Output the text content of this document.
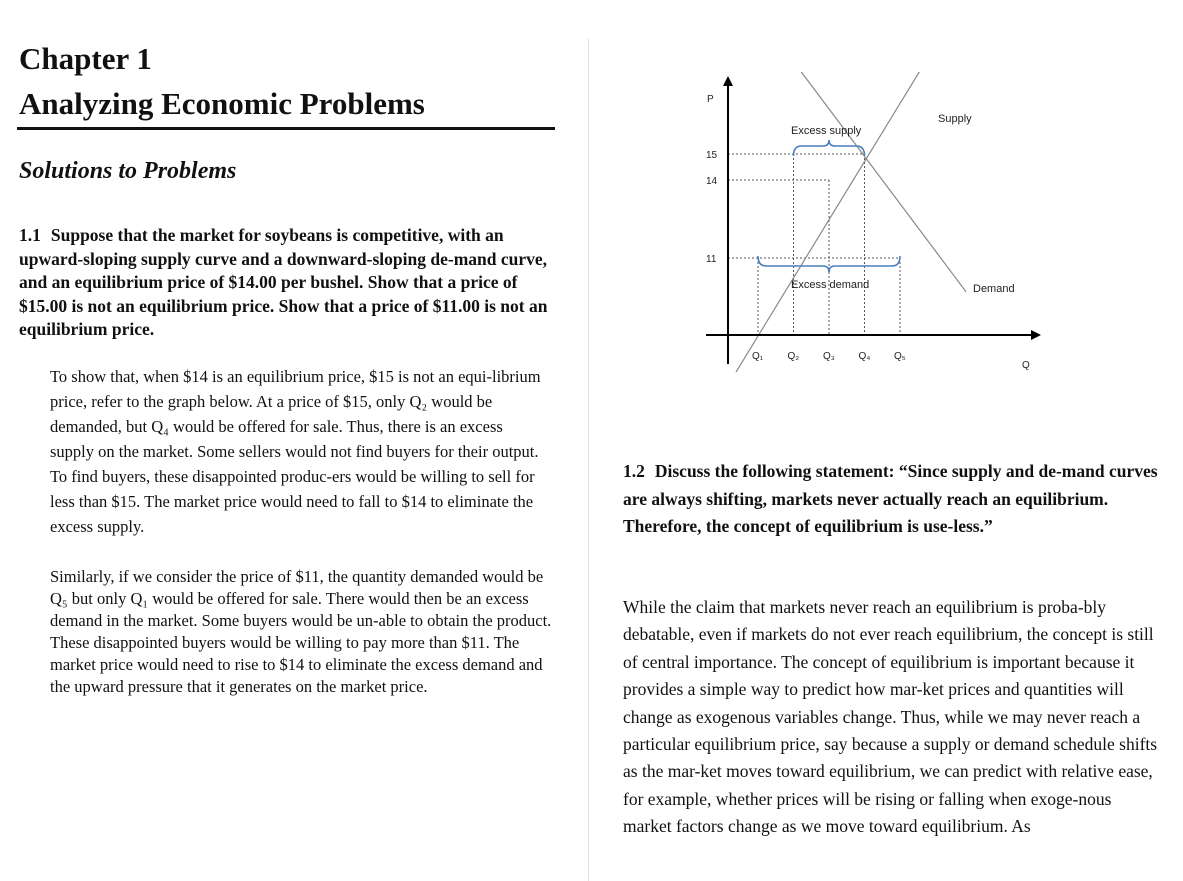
Chapter 1
Analyzing Economic Problems
Solutions to Problems
1.1 Suppose that the market for soybeans is competitive, with an upward-sloping supply curve and a downward-sloping de-mand curve, and an equilibrium price of $14.00 per bushel. Show that a price of $15.00 is not an equilibrium price. Show that a price of $11.00 is not an equilibrium price.
To show that, when $14 is an equilibrium price, $15 is not an equi-librium price, refer to the graph below. At a price of $15, only Q₂ would be demanded, but Q₄ would be offered for sale. Thus, there is an excess supply on the market. Some sellers would not find buyers for their output. To find buyers, these disappointed produc-ers would be willing to sell for less than $15. The market price would need to fall to $14 to eliminate the excess supply.
Similarly, if we consider the price of $11, the quantity demanded would be Q₅ but only Q₁ would be offered for sale. There would then be an excess demand in the market. Some buyers would be un-able to obtain the product. These disappointed buyers would be willing to pay more than $11. The market price would need to rise to $14 to eliminate the excess demand and the upward pressure that it generates on the market price.
P
Q
15
14
11
Q₁ Q₂ Q₃ Q₄ Q₅
Excess supply
Excess demand
Supply
Demand
1.2 Discuss the following statement: “Since supply and de-mand curves are always shifting, markets never actually reach an equilibrium. Therefore, the concept of equilibrium is use-less.”
While the claim that markets never reach an equilibrium is proba-bly debatable, even if markets do not ever reach equilibrium, the concept is still of central importance. The concept of equilibrium is important because it provides a simple way to predict how mar-ket prices and quantities will change as exogenous variables change. Thus, while we may never reach a particular equilibrium price, say because a supply or demand schedule shifts as the mar-ket moves toward equilibrium, we can predict with relative ease, for example, whether prices will be rising or falling when exoge-nous market factors change as we move toward equilibrium. As
